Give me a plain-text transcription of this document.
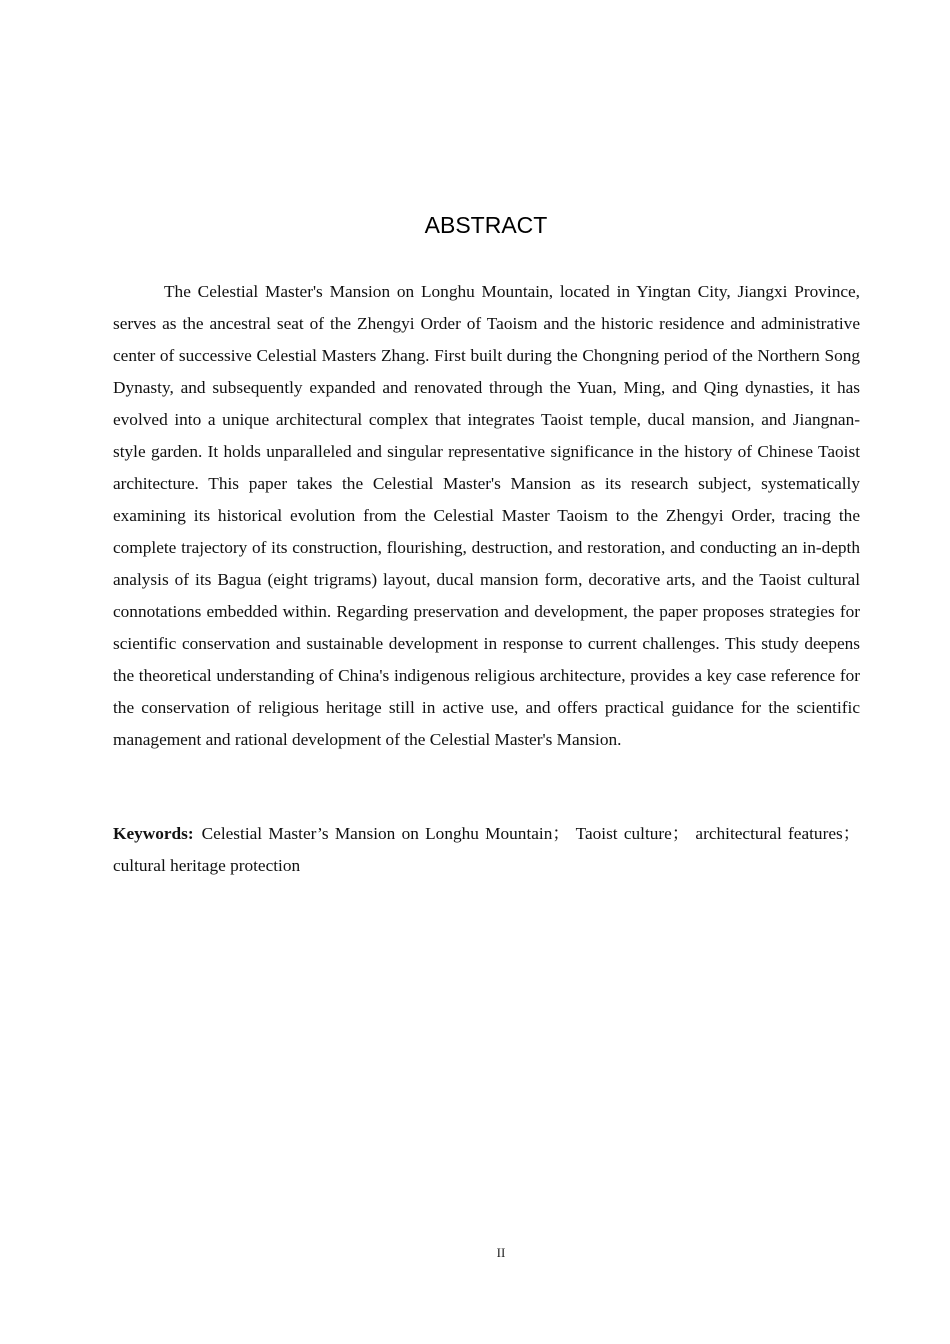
ABSTRACT

The Celestial Master's Mansion on Longhu Mountain, located in Yingtan City, Jiangxi Province, serves as the ancestral seat of the Zhengyi Order of Taoism and the historic residence and administrative center of successive Celestial Masters Zhang. First built during the Chongning period of the Northern Song Dynasty, and subsequently expanded and renovated through the Yuan, Ming, and Qing dynasties, it has evolved into a unique architectural complex that integrates Taoist temple, ducal mansion, and Jiangnan-style garden. It holds unparalleled and singular representative significance in the history of Chinese Taoist architecture. This paper takes the Celestial Master's Mansion as its research subject, systematically examining its historical evolution from the Celestial Master Taoism to the Zhengyi Order, tracing the complete trajectory of its construction, flourishing, destruction, and restoration, and conducting an in-depth analysis of its Bagua (eight trigrams) layout, ducal mansion form, decorative arts, and the Taoist cultural connotations embedded within. Regarding preservation and development, the paper proposes strategies for scientific conservation and sustainable development in response to current challenges. This study deepens the theoretical understanding of China's indigenous religious architecture, provides a key case reference for the conservation of religious heritage still in active use, and offers practical guidance for the scientific management and rational development of the Celestial Master's Mansion.

Keywords: Celestial Master’s Mansion on Longhu Mountain； Taoist culture； architectural features；cultural heritage protection

II
